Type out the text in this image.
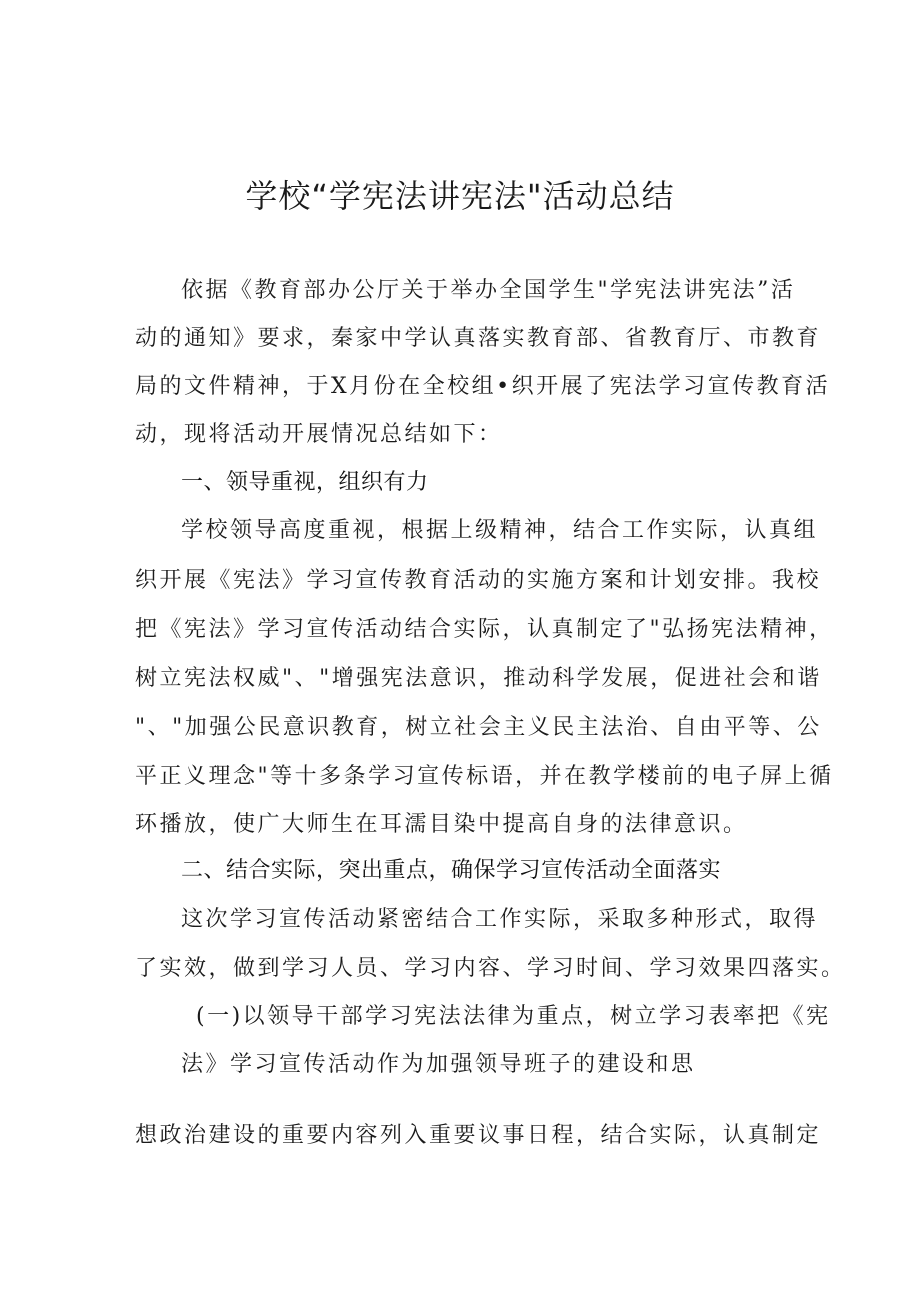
学校“学宪法讲宪法"活动总结
依据《教育部办公厅关于举办全国学生"学宪法讲宪法”活
动的通知》要求，秦家中学认真落实教育部、省教育厅、市教育
局的文件精神，于X月份在全校组•织开展了宪法学习宣传教育活
动，现将活动开展情况总结如下：
一、领导重视，组织有力
学校领导高度重视，根据上级精神，结合工作实际，认真组
织开展《宪法》学习宣传教育活动的实施方案和计划安排。我校
把《宪法》学习宣传活动结合实际，认真制定了"弘扬宪法精神，
树立宪法权威"、"增强宪法意识，推动科学发展，促进社会和谐
"、"加强公民意识教育，树立社会主义民主法治、自由平等、公
平正义理念"等十多条学习宣传标语，并在教学楼前的电子屏上循
环播放，使广大师生在耳濡目染中提高自身的法律意识。
二、结合实际，突出重点，确保学习宣传活动全面落实
这次学习宣传活动紧密结合工作实际，采取多种形式，取得
了实效，做到学习人员、学习内容、学习时间、学习效果四落实。
(一)以领导干部学习宪法法律为重点，树立学习表率把《宪
法》学习宣传活动作为加强领导班子的建设和思
想政治建设的重要内容列入重要议事日程，结合实际，认真制定
